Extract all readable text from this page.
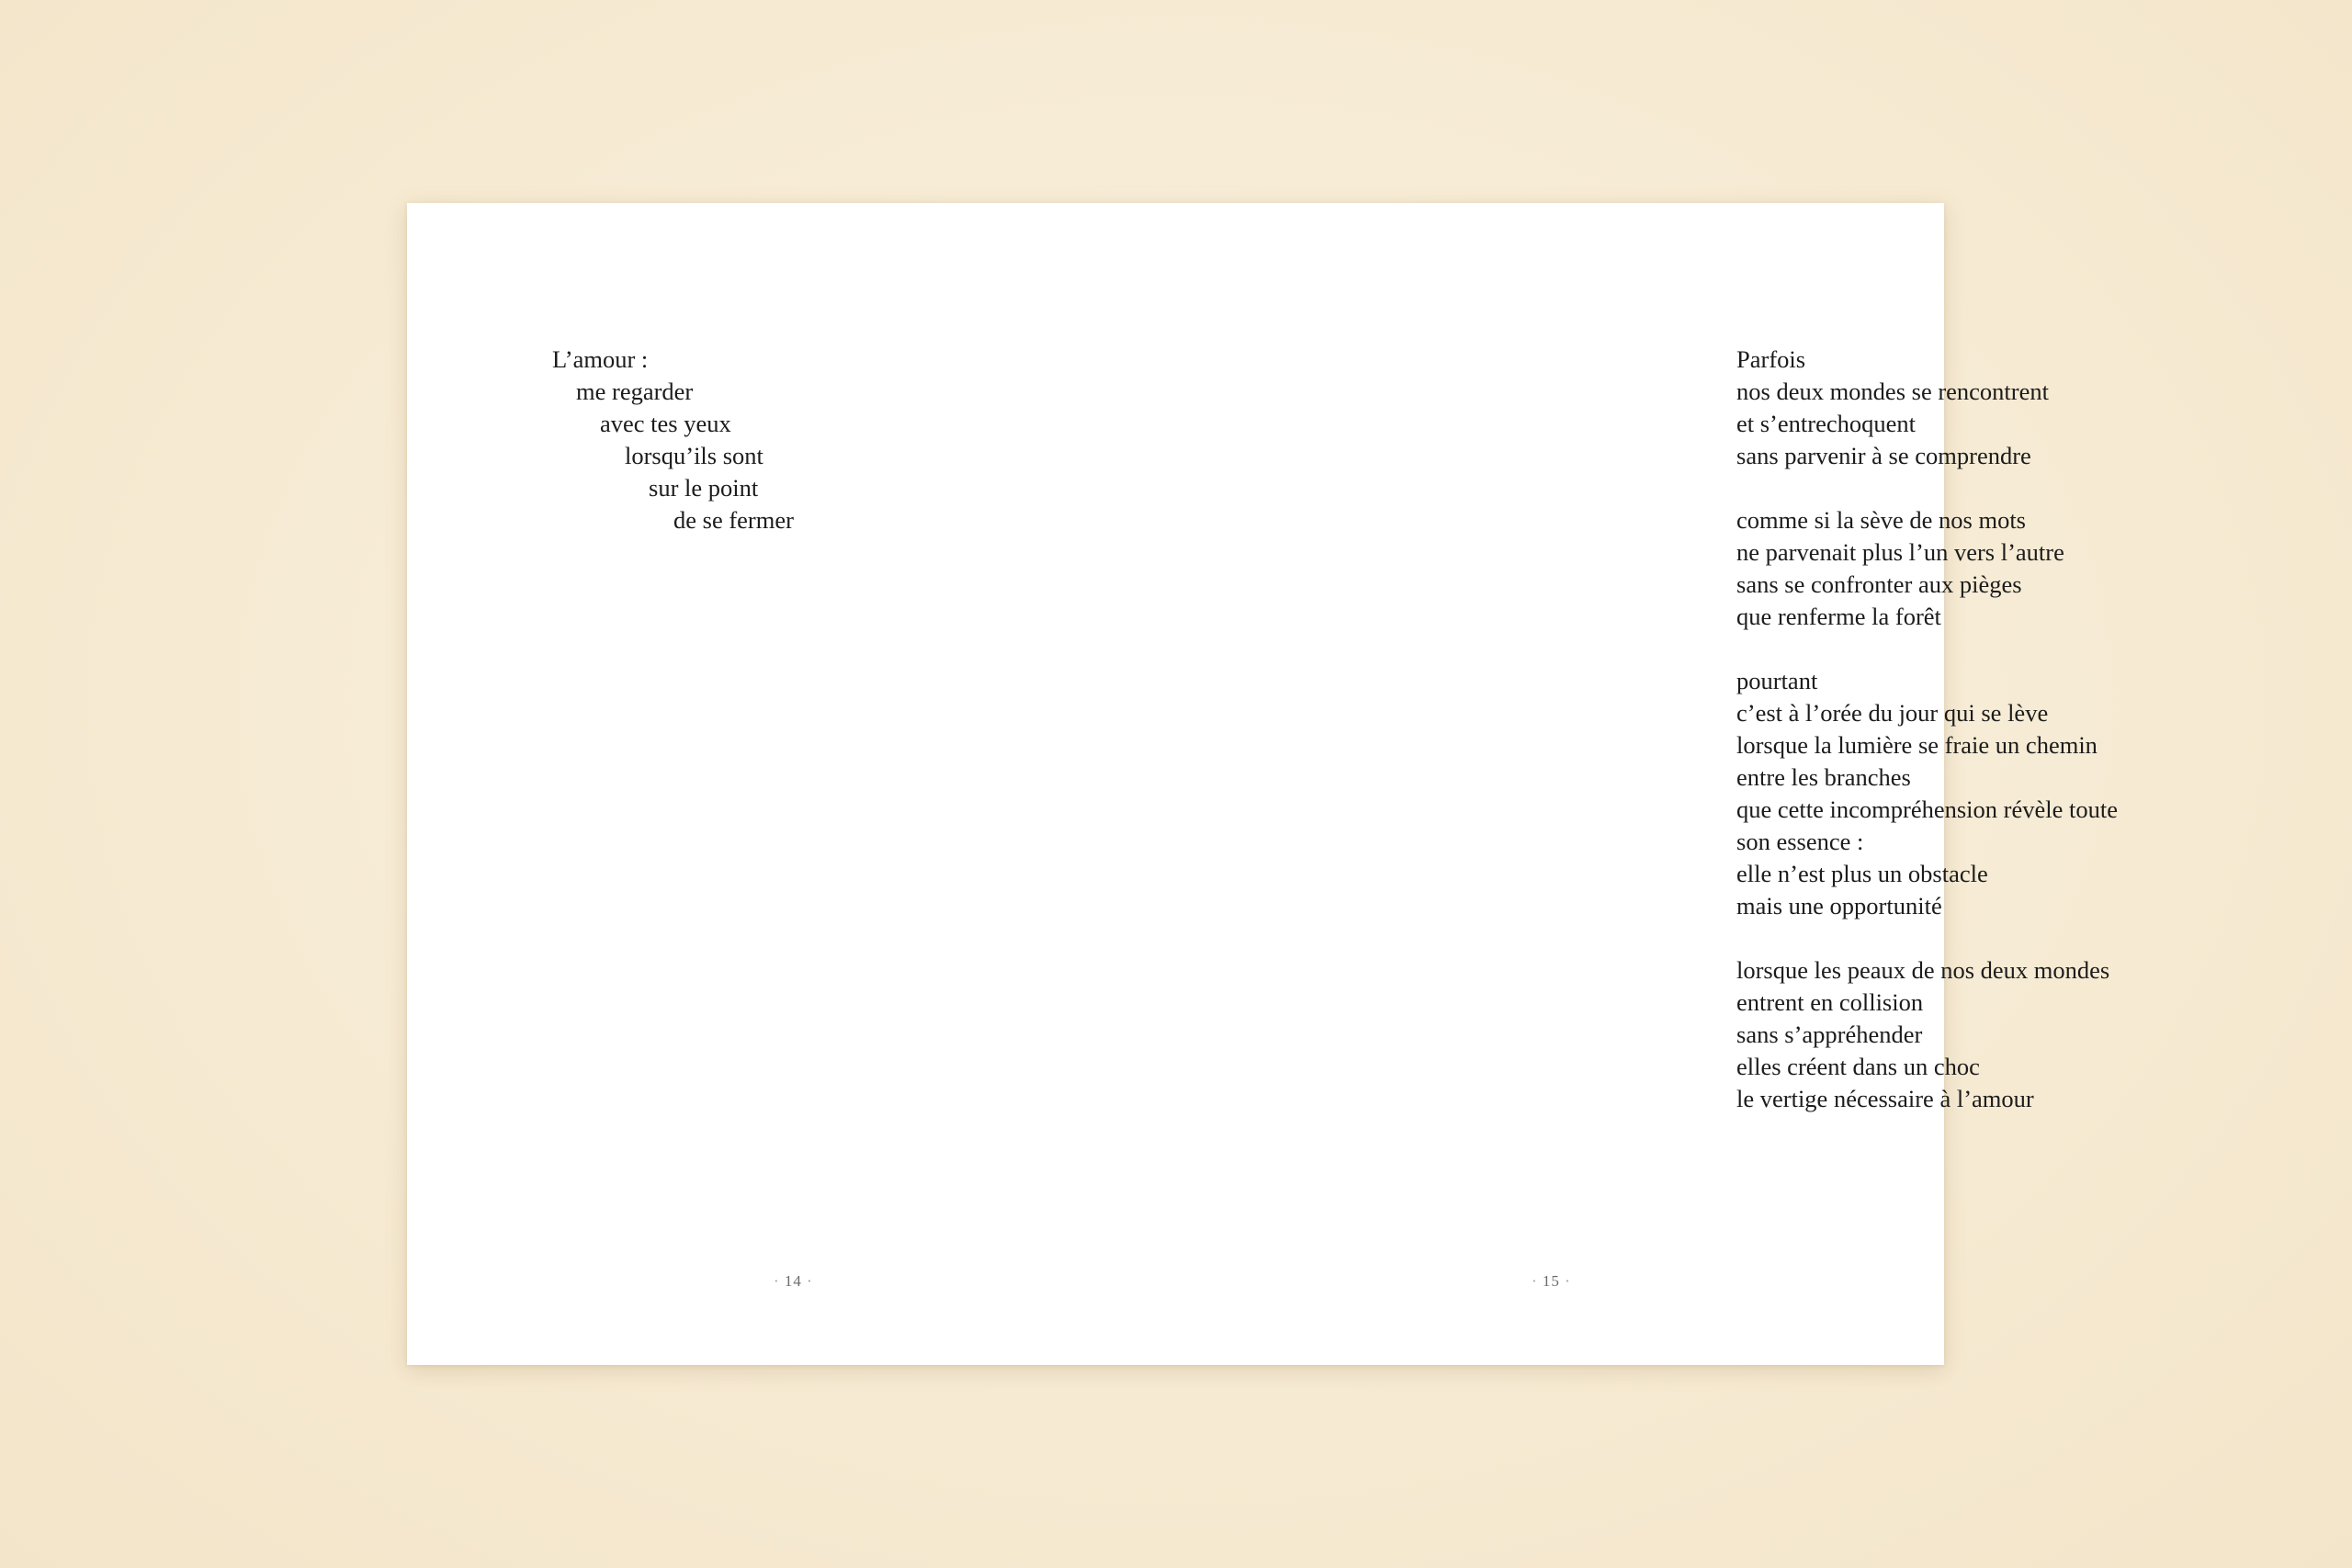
L’amour :
me regarder
avec tes yeux
lorsqu’ils sont
sur le point
de se fermer
· 14 ·
Parfois
nos deux mondes se rencontrent
et s’entrechoquent
sans parvenir à se comprendre
comme si la sève de nos mots
ne parvenait plus l’un vers l’autre
sans se confronter aux pièges
que renferme la forêt
pourtant
c’est à l’orée du jour qui se lève
lorsque la lumière se fraie un chemin
entre les branches
que cette incompréhension révèle toute
son essence :
elle n’est plus un obstacle
mais une opportunité
lorsque les peaux de nos deux mondes
entrent en collision
sans s’appréhender
elles créent dans un choc
le vertige nécessaire à l’amour
· 15 ·
